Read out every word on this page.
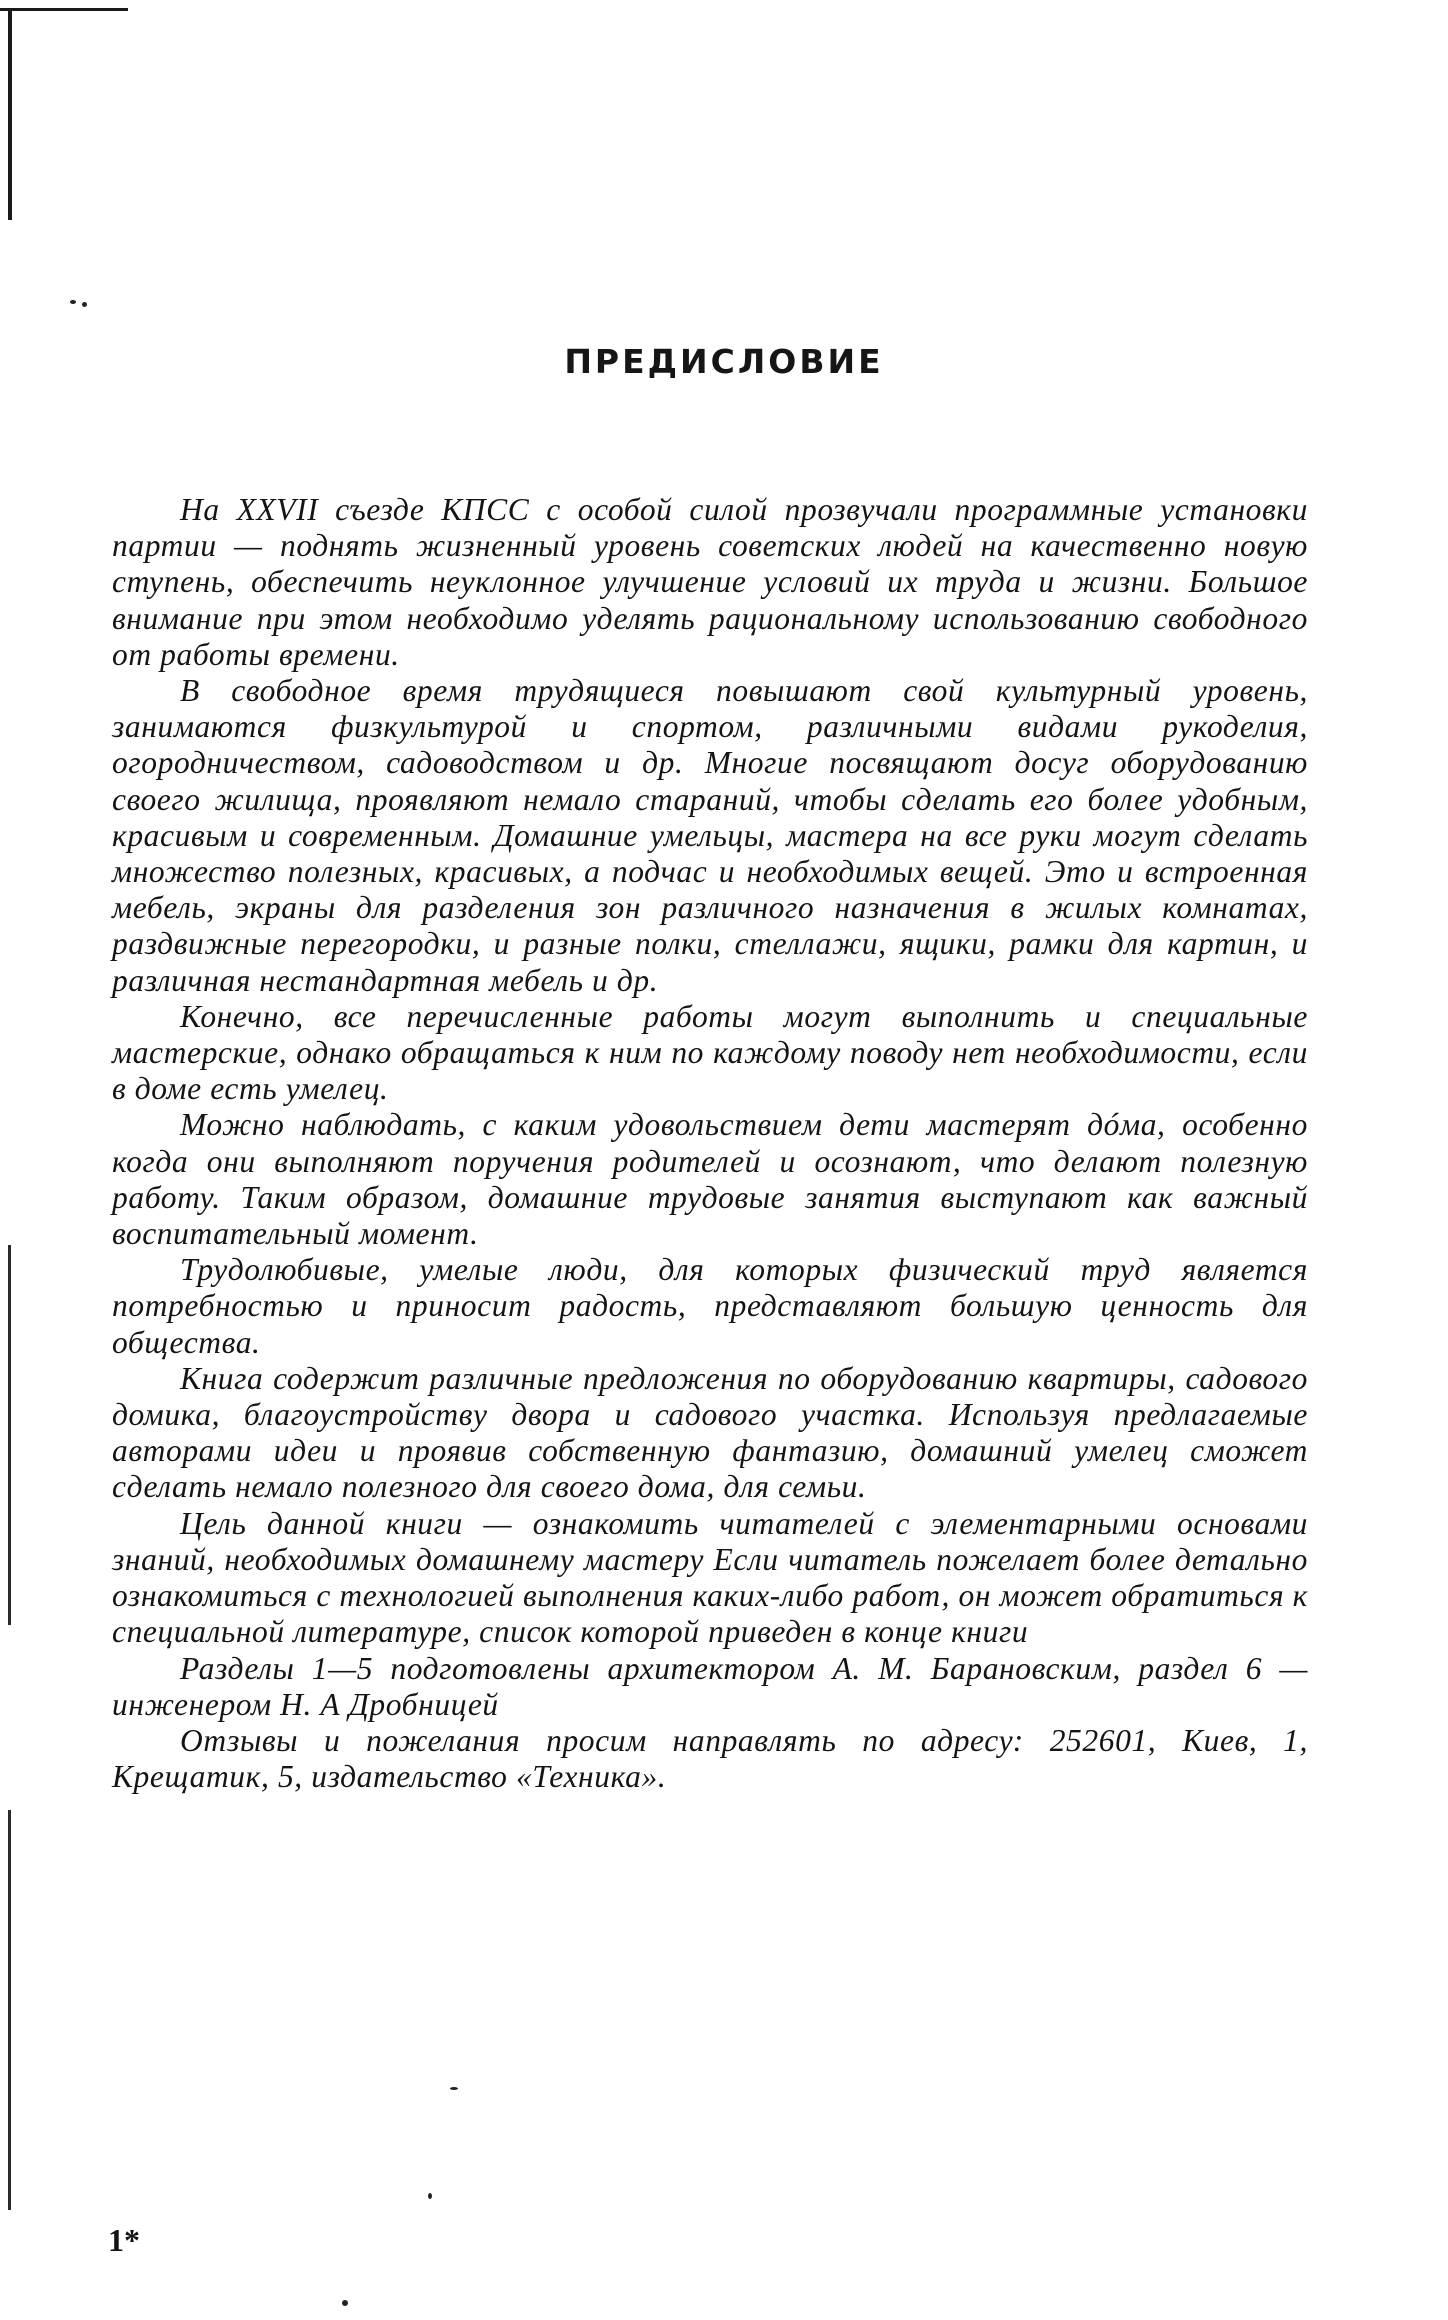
ПРЕДИСЛОВИЕ

На XXVII съезде КПСС с особой силой прозвучали программные установки партии — поднять жизненный уровень советских людей на качественно новую ступень, обеспечить неуклонное улучшение условий их труда и жизни. Большое внимание при этом необходимо уделять рациональному использованию свободного от работы времени.

В свободное время трудящиеся повышают свой культурный уровень, занимаются физкультурой и спортом, различными видами рукоделия, огородничеством, садоводством и др. Многие посвящают досуг оборудованию своего жилища, проявляют немало стараний, чтобы сделать его более удобным, красивым и современным. Домашние умельцы, мастера на все руки могут сделать множество полезных, красивых, а подчас и необходимых вещей. Это и встроенная мебель, экраны для разделения зон различного назначения в жилых комнатах, раздвижные перегородки, и разные полки, стеллажи, ящики, рамки для картин, и различная нестандартная мебель и др.

Конечно, все перечисленные работы могут выполнить и специальные мастерские, однако обращаться к ним по каждому поводу нет необходимости, если в доме есть умелец.

Можно наблюдать, с каким удовольствием дети мастерят дóма, особенно когда они выполняют поручения родителей и осознают, что делают полезную работу. Таким образом, домашние трудовые занятия выступают как важный воспитательный момент.

Трудолюбивые, умелые люди, для которых физический труд является потребностью и приносит радость, представляют большую ценность для общества.

Книга содержит различные предложения по оборудованию квартиры, садового домика, благоустройству двора и садового участка. Используя предлагаемые авторами идеи и проявив собственную фантазию, домашний умелец сможет сделать немало полезного для своего дома, для семьи.

Цель данной книги — ознакомить читателей с элементарными основами знаний, необходимых домашнему мастеру Если читатель пожелает более детально ознакомиться с технологией выполнения каких-либо работ, он может обратиться к специальной литературе, список которой приведен в конце книги

Разделы 1—5 подготовлены архитектором А. М. Барановским, раздел 6 — инженером Н. А Дробницей

Отзывы и пожелания просим направлять по адресу: 252601, Киев, 1, Крещатик, 5, издательство «Техника».

1*
